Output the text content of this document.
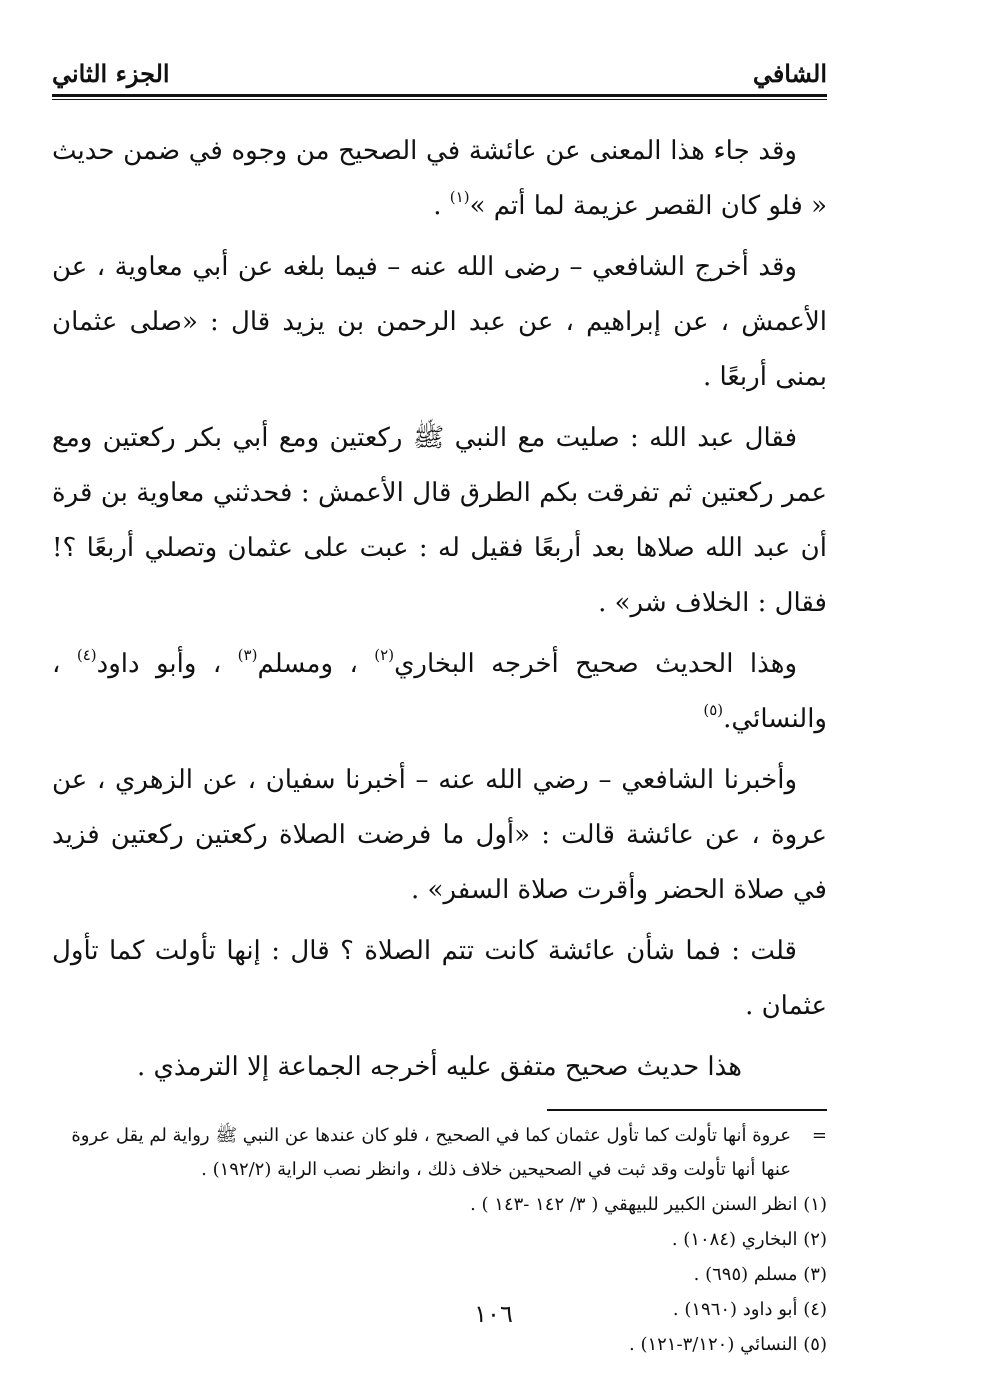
الشافي
الجزء الثاني

وقد جاء هذا المعنى عن عائشة في الصحيح من وجوه في ضمن حديث « فلو كان القصر عزيمة لما أتم »$^{(١)}$ .

وقد أخرج الشافعي – رضى الله عنه – فيما بلغه عن أبي معاوية ، عن الأعمش ، عن إبراهيم ، عن عبد الرحمن بن يزيد قال : «صلى عثمان بمنى أربعًا .

فقال عبد الله : صليت مع النبي ﷺ ركعتين ومع أبي بكر ركعتين ومع عمر ركعتين ثم تفرقت بكم الطرق قال الأعمش : فحدثني معاوية بن قرة أن عبد الله صلاها بعد أربعًا فقيل له : عبت على عثمان وتصلي أربعًا ؟! فقال : الخلاف شر» .

وهذا الحديث صحيح أخرجه البخاري$^{(٢)}$ ، ومسلم$^{(٣)}$ ، وأبو داود$^{(٤)}$ ، والنسائي.$^{(٥)}$

وأخبرنا الشافعي – رضي الله عنه – أخبرنا سفيان ، عن الزهري ، عن عروة ، عن عائشة قالت : «أول ما فرضت الصلاة ركعتين ركعتين فزيد في صلاة الحضر وأقرت صلاة السفر» .

قلت : فما شأن عائشة كانت تتم الصلاة ؟ قال : إنها تأولت كما تأول عثمان .

هذا حديث صحيح متفق عليه أخرجه الجماعة إلا الترمذي .

=
عروة أنها تأولت كما تأول عثمان كما في الصحيح ، فلو كان عندها عن النبي ﷺ رواية لم يقل عروة عنها أنها تأولت وقد ثبت في الصحيحين خلاف ذلك ، وانظر نصب الراية (١٩٢/٢) .

(١) انظر السنن الكبير للبيهقي ( ٣/ ١٤٢ -١٤٣ ) .

(٢) البخاري (١٠٨٤) .

(٣) مسلم (٦٩٥) .

(٤) أبو داود (١٩٦٠) .

(٥) النسائي (٣/١٢٠-١٢١) .

١٠٦
